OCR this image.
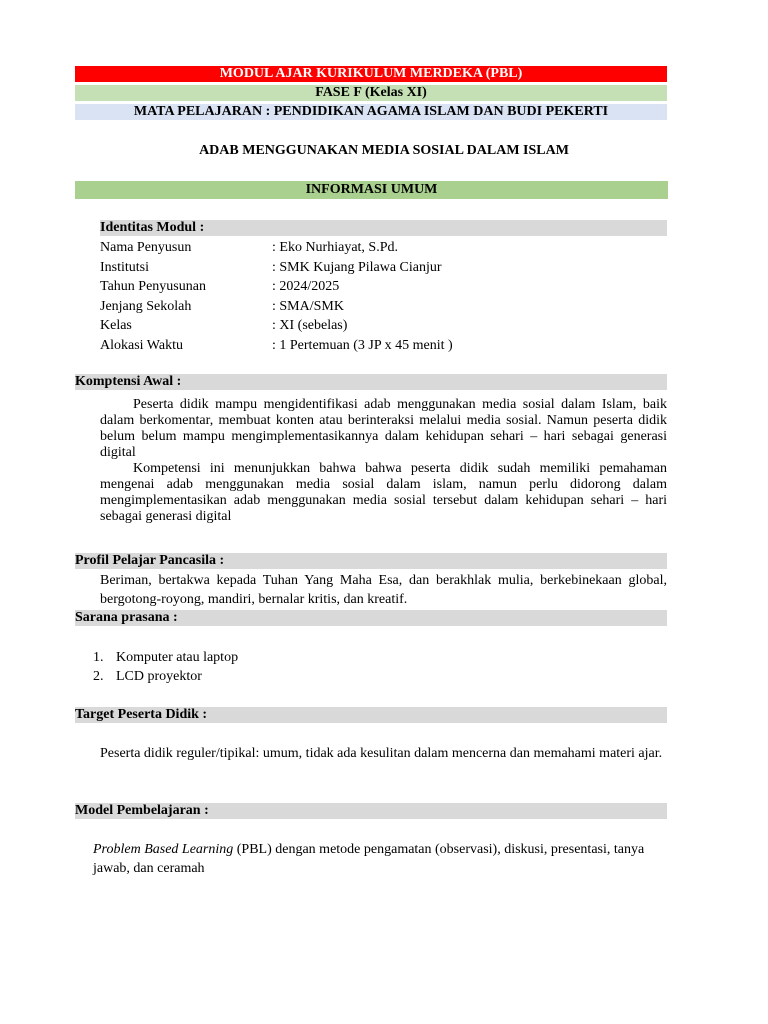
MODUL AJAR KURIKULUM MERDEKA (PBL)
FASE F (Kelas XI)
MATA PELAJARAN : PENDIDIKAN AGAMA ISLAM DAN BUDI PEKERTI
ADAB MENGGUNAKAN MEDIA SOSIAL DALAM ISLAM
INFORMASI UMUM
Identitas Modul :
Nama Penyusun	: Eko Nurhiayat, S.Pd.
Institutsi	: SMK Kujang Pilawa Cianjur
Tahun Penyusunan	: 2024/2025
Jenjang Sekolah	: SMA/SMK
Kelas	: XI (sebelas)
Alokasi Waktu	: 1 Pertemuan (3 JP x 45 menit )
Komptensi Awal :
Peserta didik mampu mengidentifikasi adab menggunakan media sosial dalam Islam, baik dalam berkomentar, membuat konten atau berinteraksi melalui media sosial. Namun peserta didik belum belum mampu mengimplementasikannya dalam kehidupan sehari – hari sebagai generasi digital
Kompetensi ini menunjukkan bahwa bahwa peserta didik sudah memiliki pemahaman mengenai adab menggunakan media sosial dalam islam, namun perlu didorong dalam mengimplementasikan adab menggunakan media sosial tersebut dalam kehidupan sehari – hari sebagai generasi digital
Profil Pelajar Pancasila :
Beriman, bertakwa kepada Tuhan Yang Maha Esa, dan berakhlak mulia, berkebinekaan global, bergotong-royong, mandiri, bernalar kritis, dan kreatif.
Sarana prasana :
1. Komputer atau laptop
2. LCD proyektor
Target Peserta Didik :
Peserta didik reguler/tipikal: umum, tidak ada kesulitan dalam mencerna dan memahami materi ajar.
Model Pembelajaran :
Problem Based Learning (PBL) dengan metode pengamatan (observasi), diskusi, presentasi, tanya jawab, dan ceramah
